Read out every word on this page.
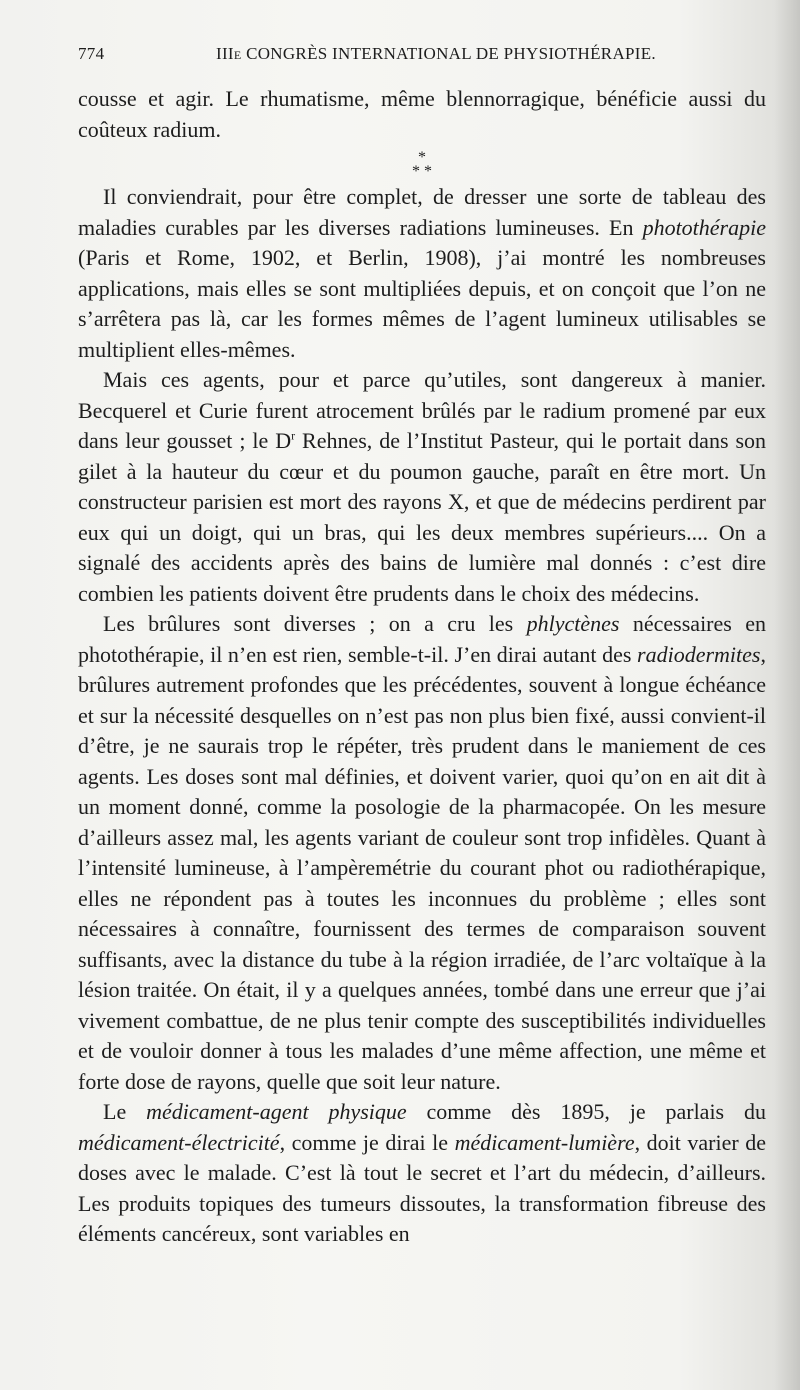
774	IIIe CONGRÈS INTERNATIONAL DE PHYSIOTHÉRAPIE.

cousse et agir. Le rhumatisme, même blennorragique, bénéficie aussi du coûteux radium.

*
* *

Il conviendrait, pour être complet, de dresser une sorte de tableau des maladies curables par les diverses radiations lumineuses. En photothérapie (Paris et Rome, 1902, et Berlin, 1908), j’ai montré les nombreuses applications, mais elles se sont multipliées depuis, et on conçoit que l’on ne s’arrêtera pas là, car les formes mêmes de l’agent lumineux utilisables se multiplient elles-mêmes.

Mais ces agents, pour et parce qu’utiles, sont dangereux à manier. Becquerel et Curie furent atrocement brûlés par le radium promené par eux dans leur gousset ; le $D^r$ Rehnes, de l’Institut Pasteur, qui le portait dans son gilet à la hauteur du cœur et du poumon gauche, paraît en être mort. Un constructeur parisien est mort des rayons X, et que de médecins perdirent par eux qui un doigt, qui un bras, qui les deux membres supérieurs.... On a signalé des accidents après des bains de lumière mal donnés : c’est dire combien les patients doivent être prudents dans le choix des médecins.

Les brûlures sont diverses ; on a cru les phlyctènes nécessaires en photothérapie, il n’en est rien, semble-t-il. J’en dirai autant des radiodermites, brûlures autrement profondes que les précédentes, souvent à longue échéance et sur la nécessité desquelles on n’est pas non plus bien fixé, aussi convient-il d’être, je ne saurais trop le répéter, très prudent dans le maniement de ces agents. Les doses sont mal définies, et doivent varier, quoi qu’on en ait dit à un moment donné, comme la posologie de la pharmacopée. On les mesure d’ailleurs assez mal, les agents variant de couleur sont trop infidèles. Quant à l’intensité lumineuse, à l’ampèremétrie du courant phot ou radiothérapique, elles ne répondent pas à toutes les inconnues du problème ; elles sont nécessaires à connaître, fournissent des termes de comparaison souvent suffisants, avec la distance du tube à la région irradiée, de l’arc voltaïque à la lésion traitée. On était, il y a quelques années, tombé dans une erreur que j’ai vivement combattue, de ne plus tenir compte des susceptibilités individuelles et de vouloir donner à tous les malades d’une même affection, une même et forte dose de rayons, quelle que soit leur nature.

Le médicament-agent physique comme dès 1895, je parlais du médicament-électricité, comme je dirai le médicament-lumière, doit varier de doses avec le malade. C’est là tout le secret et l’art du médecin, d’ailleurs. Les produits topiques des tumeurs dissoutes, la transformation fibreuse des éléments cancéreux, sont variables en
